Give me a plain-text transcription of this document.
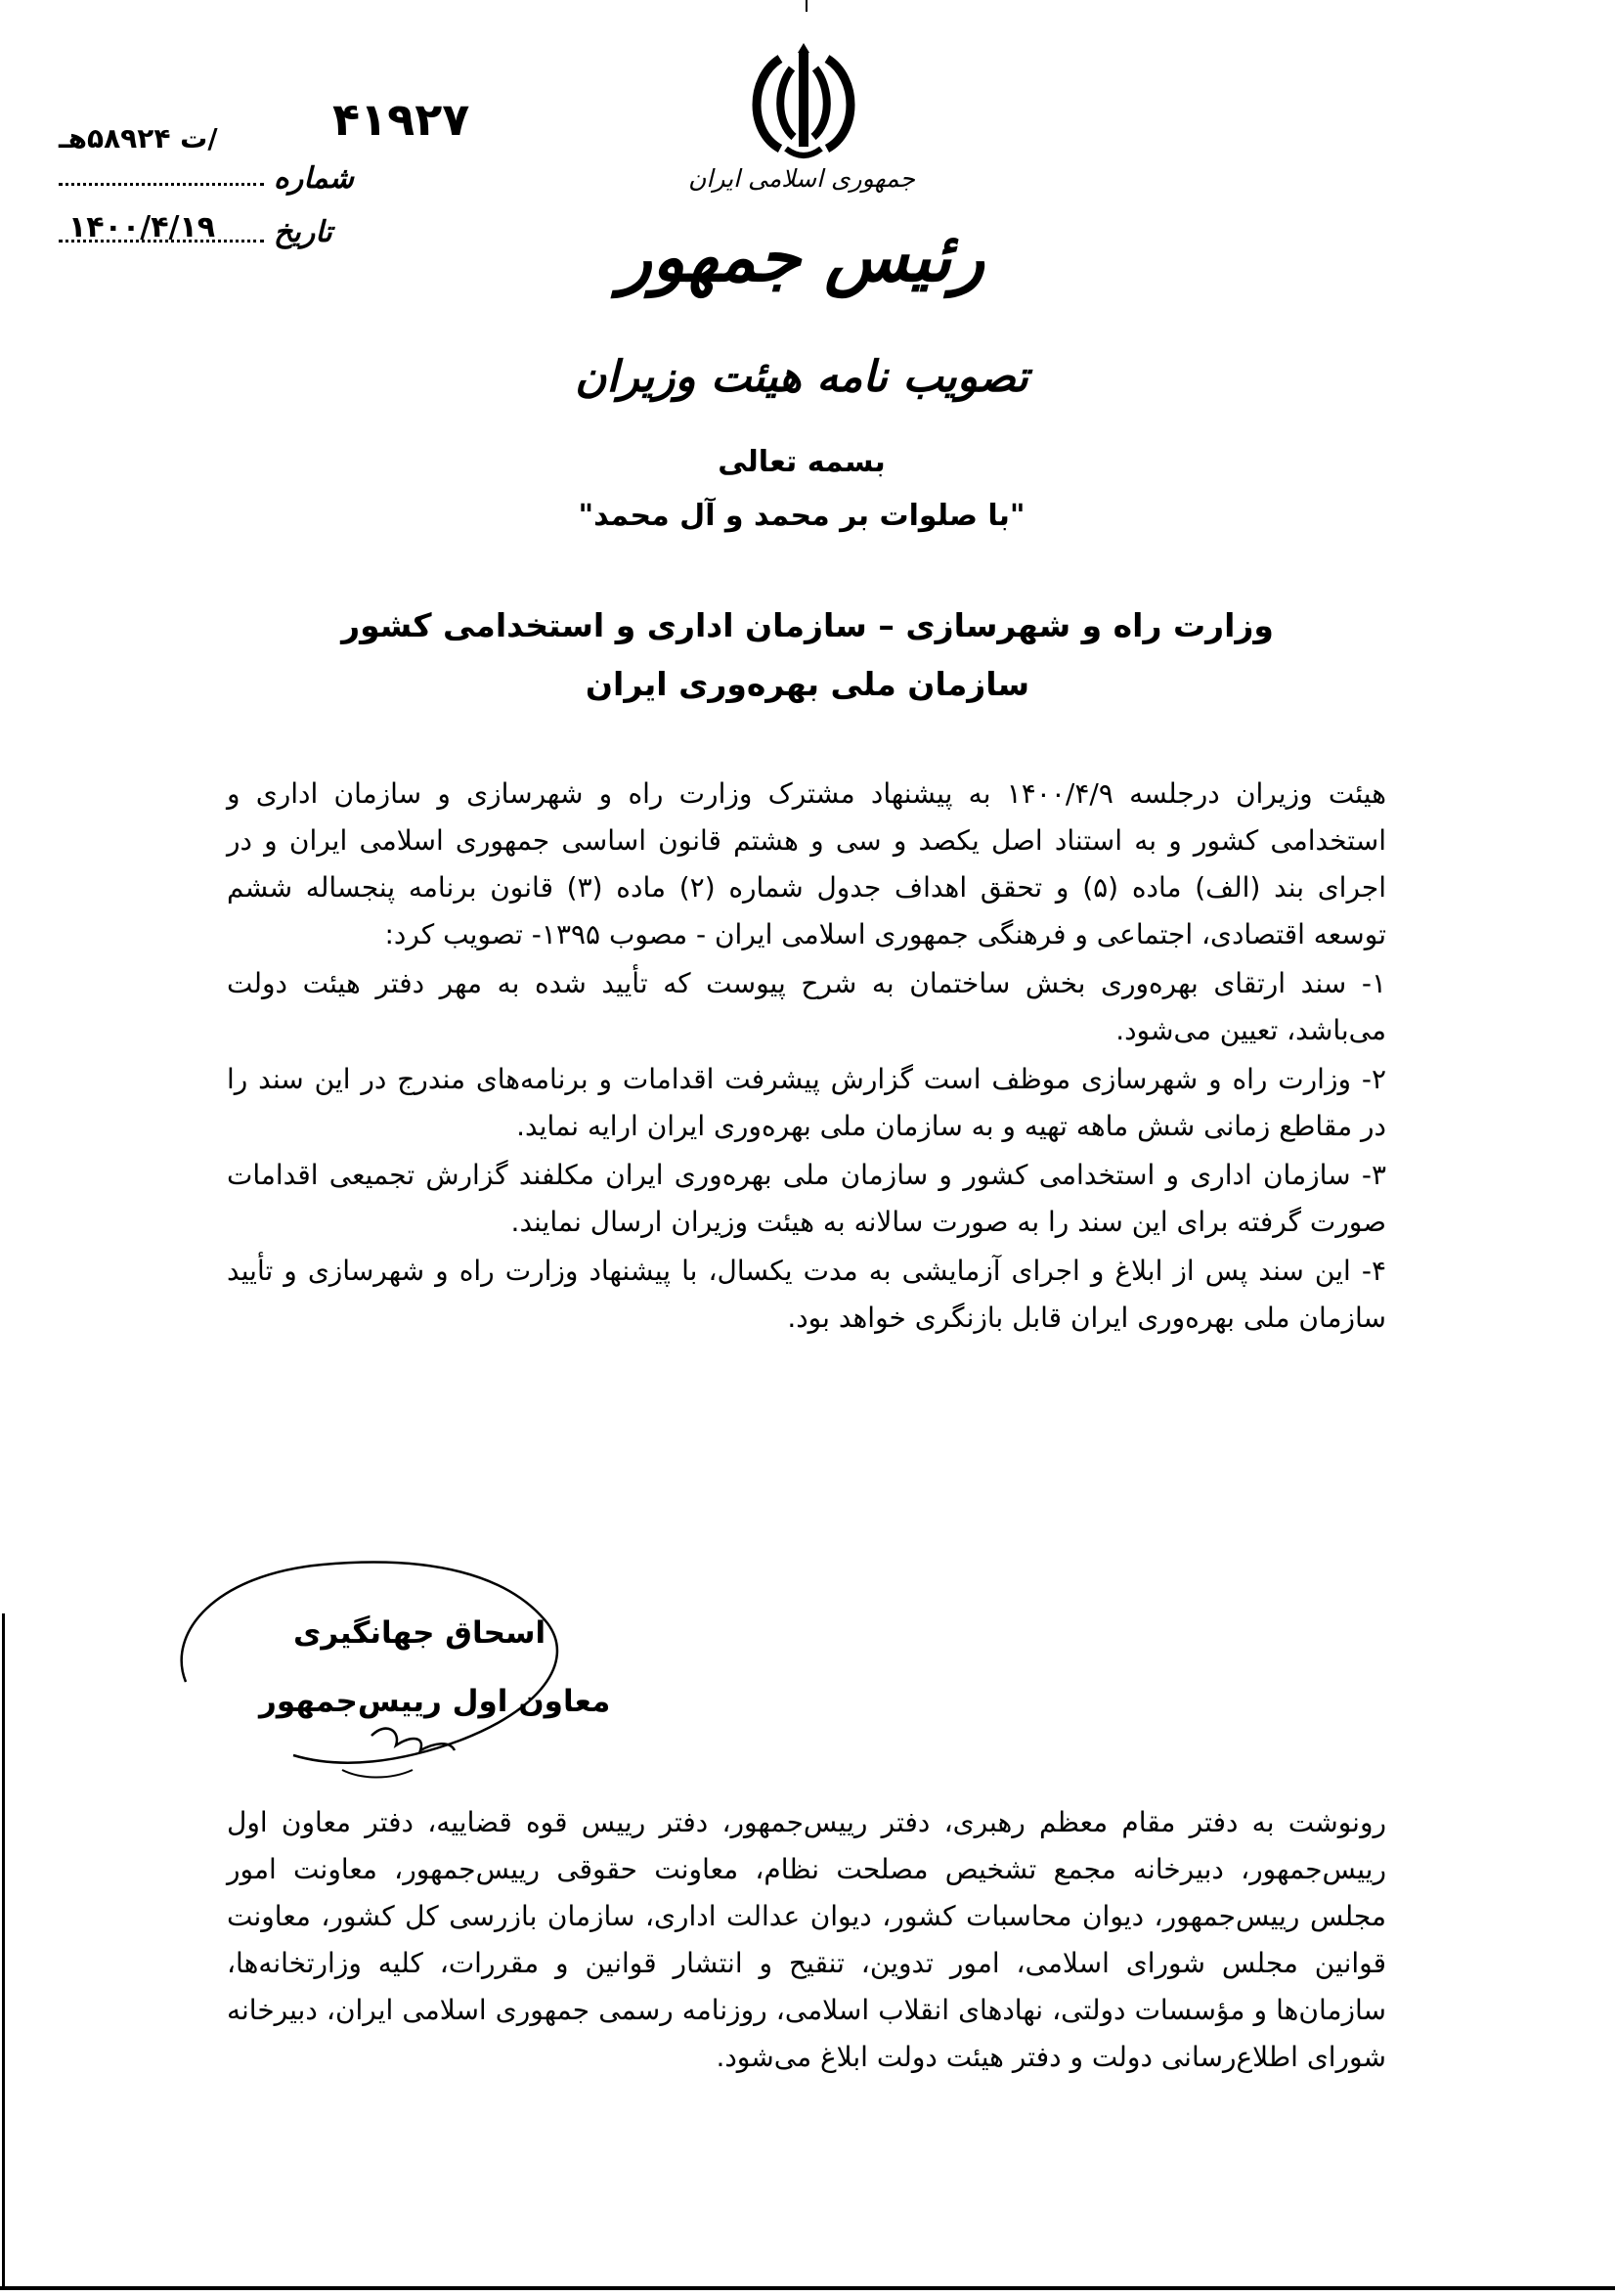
جمهوری اسلامی ایران
رئیس جمهور
تصویب نامه هیئت وزیران
بسمه تعالی
"با صلوات بر محمد و آل محمد"
۴۱۹۲۷
/ت ۵۸۹۲۴هـ
شماره
۱۴۰۰/۴/۱۹ تاریخ
وزارت راه و شهرسازی – سازمان اداری و استخدامی کشور
سازمان ملی بهره‌وری ایران

هیئت وزیران درجلسه ۱۴۰۰/۴/۹ به پیشنهاد مشترک وزارت راه و شهرسازی و سازمان اداری و استخدامی کشور و به استناد اصل یکصد و سی و هشتم قانون اساسی جمهوری اسلامی ایران و در اجرای بند (الف) ماده (۵) و تحقق اهداف جدول شماره (۲) ماده (۳) قانون برنامه پنجساله ششم توسعه اقتصادی، اجتماعی و فرهنگی جمهوری اسلامی ایران - مصوب ۱۳۹۵- تصویب کرد:

۱- سند ارتقای بهره‌وری بخش ساختمان به شرح پیوست که تأیید شده به مهر دفتر هیئت دولت می‌باشد، تعیین می‌شود.

۲- وزارت راه و شهرسازی موظف است گزارش پیشرفت اقدامات و برنامه‌های مندرج در این سند را در مقاطع زمانی شش ماهه تهیه و به سازمان ملی بهره‌وری ایران ارایه نماید.

۳- سازمان اداری و استخدامی کشور و سازمان ملی بهره‌وری ایران مکلفند گزارش تجمیعی اقدامات صورت گرفته برای این سند را به صورت سالانه به هیئت وزیران ارسال نمایند.

۴- این سند پس از ابلاغ و اجرای آزمایشی به مدت یکسال، با پیشنهاد وزارت راه و شهرسازی و تأیید سازمان ملی بهره‌وری ایران قابل بازنگری خواهد بود.

اسحاق جهانگیری
معاون اول رییس‌جمهور

رونوشت به دفتر مقام معظم رهبری، دفتر رییس‌جمهور، دفتر رییس قوه قضاییه، دفتر معاون اول رییس‌جمهور، دبیرخانه مجمع تشخیص مصلحت نظام، معاونت حقوقی رییس‌جمهور، معاونت امور مجلس رییس‌جمهور، دیوان محاسبات کشور، دیوان عدالت اداری، سازمان بازرسی کل کشور، معاونت قوانین مجلس شورای اسلامی، امور تدوین، تنقیح و انتشار قوانین و مقررات، کلیه وزارتخانه‌ها، سازمان‌ها و مؤسسات دولتی، نهادهای انقلاب اسلامی، روزنامه رسمی جمهوری اسلامی ایران، دبیرخانه شورای اطلاع‌رسانی دولت و دفتر هیئت دولت ابلاغ می‌شود.
